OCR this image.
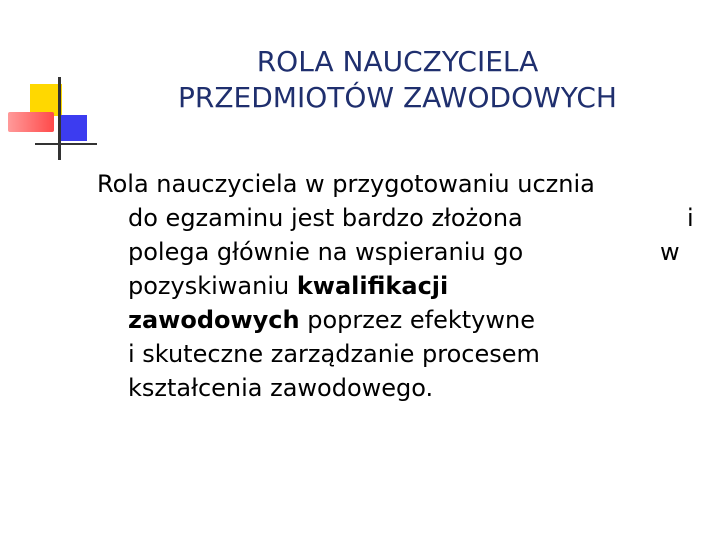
ROLA NAUCZYCIELA
PRZEDMIOTÓW ZAWODOWYCH
Rola nauczyciela w przygotowaniu ucznia
do egzaminu jest bardzo złożona	i
polega głównie na wspieraniu go	w
pozyskiwaniu kwalifikacji
zawodowych poprzez efektywne
i skuteczne zarządzanie procesem
kształcenia zawodowego.
